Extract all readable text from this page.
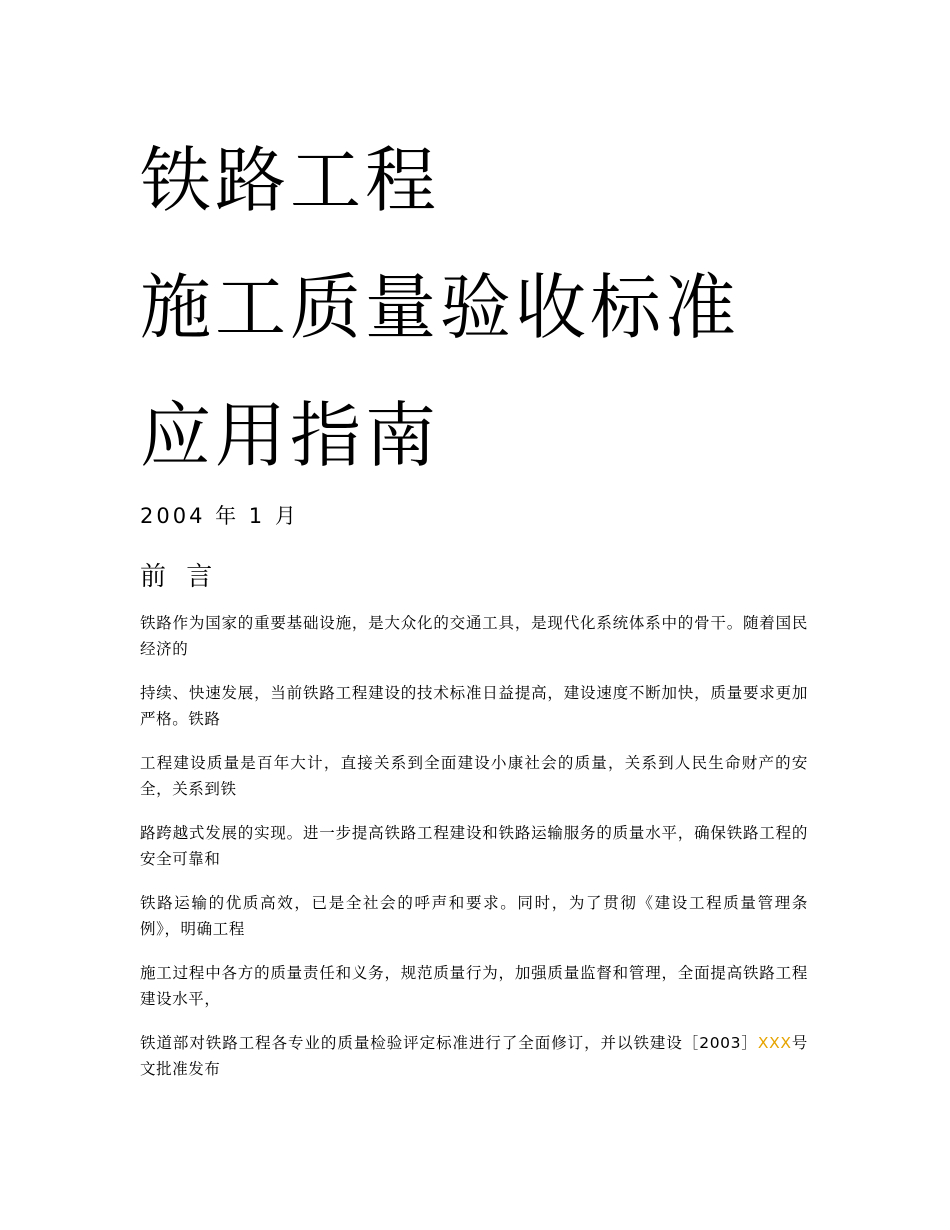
铁路工程
施工质量验收标准
应用指南
2004 年 1 月
前 言

铁路作为国家的重要基础设施，是大众化的交通工具，是现代化系统体系中的骨干。随着国民经济的

持续、快速发展，当前铁路工程建设的技术标准日益提高，建设速度不断加快，质量要求更加严格。铁路

工程建设质量是百年大计，直接关系到全面建设小康社会的质量，关系到人民生命财产的安全，关系到铁

路跨越式发展的实现。进一步提高铁路工程建设和铁路运输服务的质量水平，确保铁路工程的安全可靠和

铁路运输的优质高效，已是全社会的呼声和要求。同时，为了贯彻《建设工程质量管理条例》，明确工程

施工过程中各方的质量责任和义务，规范质量行为，加强质量监督和管理，全面提高铁路工程建设水平，

铁道部对铁路工程各专业的质量检验评定标准进行了全面修订，并以铁建设［2003］XXX号文批准发布
